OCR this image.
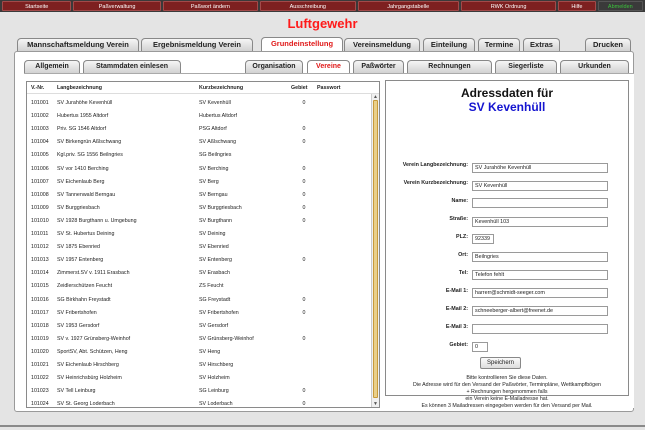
Startseite	Paßverwaltung	Paßwort ändern	Ausschreibung	Jahrgangstabelle	RWK Ordnung	Hilfe	Abmelden
Luftgewehr
Mannschaftsmeldung Verein	Ergebnismeldung Verein	Grundeinstellung	Vereinsmeldung	Einteilung	Termine	Extras	Drucken
Allgemein	Stammdaten einlesen	Organisation	Vereine	Paßwörter	Rechnungen	Siegerliste	Urkunden
V.-Nr.	Langbezeichnung	Kurzbezeichnung	Gebiet	Passwort
101001	SV Jurahöhe Kevenhüll	SV Kevenhüll	0
101002	Hubertus 1955 Altdorf	Hubertus Altdorf
101003	Priv. SG 1546 Altdorf	PSG Altdorf	0
101004	SV Birkengrün Aßlschwang	SV Aßlschwang	0
101005	Kgl.priv. SG 1556 Beilngries	SG Beilngries
101006	SV vor 1410 Berching	SV Berching	0
101007	SV Eichenlaub Berg	SV Berg	0
101008	SV Tannenwald Berngau	SV Berngau	0
101009	SV Burggriesbach	SV Burggriesbach	0
101010	SV 1928 Burgthann u. Umgebung	SV Burgthann	0
101011	SV St. Hubertus Deining	SV Deining
101012	SV 1875 Ebenried	SV Ebenried
101013	SV 1957 Entenberg	SV Entenberg	0
101014	Zimmerst.SV v. 1911 Erasbach	SV Erasbach
101015	Zeidlerschützen Feucht	ZS Feucht
101016	SG Birkhahn Freystadt	SG Freystadt	0
101017	SV Fribertshofen	SV Fribertshofen	0
101018	SV 1953 Gersdorf	SV Gersdorf
101019	SV v. 1927 Grünsberg-Weinhof	SV Grünsberg-Weinhof	0
101020	SportSV, Abt. Schützen, Heng	SV Heng
101021	SV Eichenlaub Hirschberg	SV Hirschberg
101022	SV Heinrichsbürg Holzheim	SV Holzheim
101023	SV Tell Leinburg	SG Leinburg	0
101024	SV St. Georg Loderbach	SV Loderbach	0
▲
▼
Adressdaten für
SV Kevenhüll
Verein Langbezeichnung:	SV Jurahöhe Kevenhüll
Verein Kurzbezeichnung:	SV Kevenhüll
Name:
Straße:	Kevenhüll 103
PLZ:	92339
Ort:	Beilngries
Tel:	Telefon fehlt
E-Mail 1:	harrerr@schmidt-seeger.com
E-Mail 2:	schneeberger-albert@freenet.de
E-Mail 3:
Gebiet:	0
Speichern
Bitte kontrollieren Sie diese Daten.
Die Adresse wird für den Versand der Paßwörter, Terminpläne, Wettkampfbögen
+ Rechnungen hergenommen falls
ein Verein keine E-Mailadresse hat.
Es können 3 Mailadressen eingegeben werden für den Versand per Mail.
